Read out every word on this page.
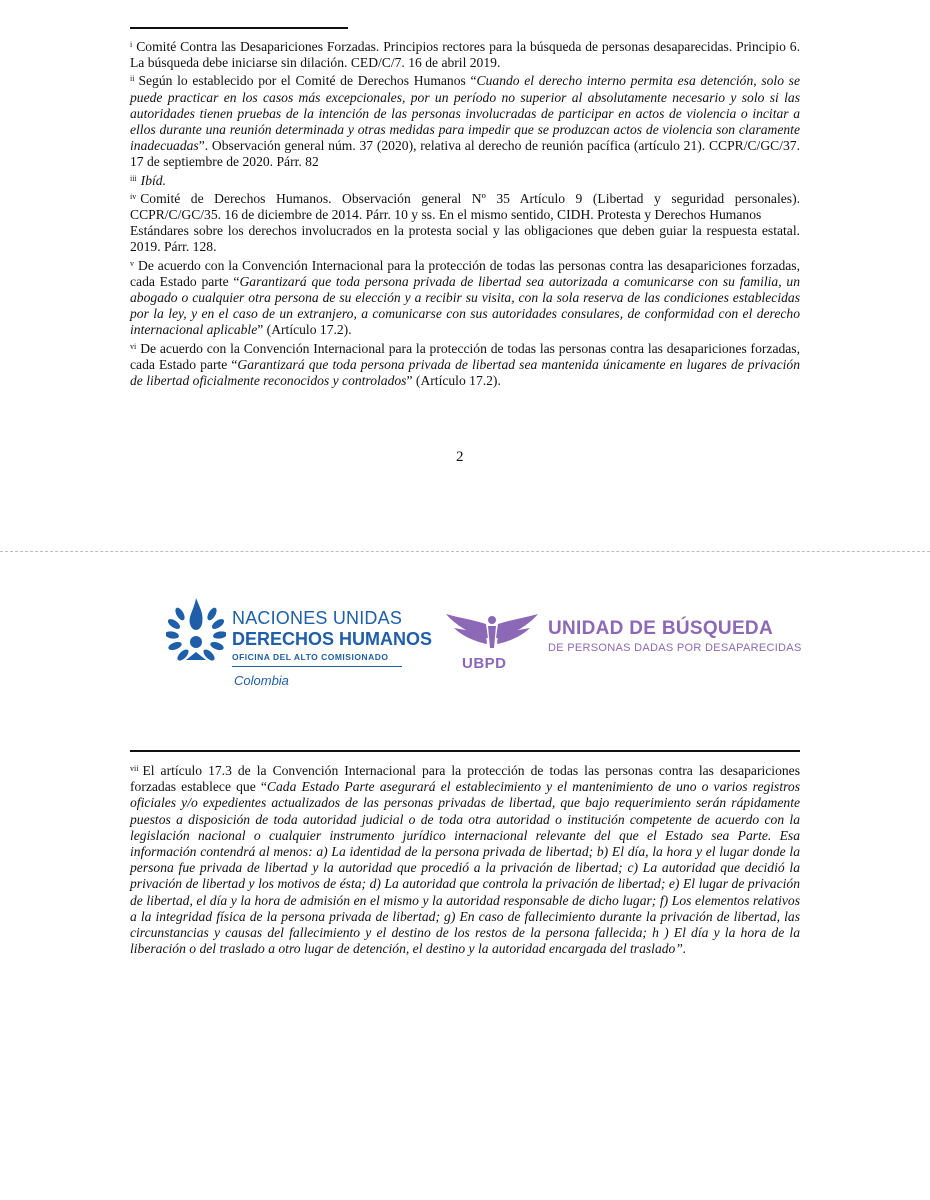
$^i$ Comité Contra las Desapariciones Forzadas. Principios rectores para la búsqueda de personas desaparecidas. Principio 6. La búsqueda debe iniciarse sin dilación. CED/C/7. 16 de abril 2019.

$^{ii}$ Según lo establecido por el Comité de Derechos Humanos “Cuando el derecho interno permita esa detención, solo se puede practicar en los casos más excepcionales, por un período no superior al absolutamente necesario y solo si las autoridades tienen pruebas de la intención de las personas involucradas de participar en actos de violencia o incitar a ellos durante una reunión determinada y otras medidas para impedir que se produzcan actos de violencia son claramente inadecuadas”. Observación general núm. 37 (2020), relativa al derecho de reunión pacífica (artículo 21). CCPR/C/GC/37. 17 de septiembre de 2020. Párr. 82

$^{iii}$ Ibíd.

$^{iv}$ Comité de Derechos Humanos. Observación general Nº 35 Artículo 9 (Libertad y seguridad personales). CCPR/C/GC/35. 16 de diciembre de 2014. Párr. 10 y ss. En el mismo sentido, CIDH. Protesta y Derechos Humanos

Estándares sobre los derechos involucrados en la protesta social y las obligaciones que deben guiar la respuesta estatal. 2019. Párr. 128.

$^v$ De acuerdo con la Convención Internacional para la protección de todas las personas contra las desapariciones forzadas, cada Estado parte “Garantizará que toda persona privada de libertad sea autorizada a comunicarse con su familia, un abogado o cualquier otra persona de su elección y a recibir su visita, con la sola reserva de las condiciones establecidas por la ley, y en el caso de un extranjero, a comunicarse con sus autoridades consulares, de conformidad con el derecho internacional aplicable” (Artículo 17.2).

$^{vi}$ De acuerdo con la Convención Internacional para la protección de todas las personas contra las desapariciones forzadas, cada Estado parte “Garantizará que toda persona privada de libertad sea mantenida únicamente en lugares de privación de libertad oficialmente reconocidos y controlados” (Artículo 17.2).

2
NACIONES UNIDAS
DERECHOS HUMANOS
OFICINA DEL ALTO COMISIONADO
Colombia
UBPD
UNIDAD DE BÚSQUEDA
DE PERSONAS DADAS POR DESAPARECIDAS

$^{vii}$ El artículo 17.3 de la Convención Internacional para la protección de todas las personas contra las desapariciones forzadas establece que “Cada Estado Parte asegurará el establecimiento y el mantenimiento de uno o varios registros oficiales y/o expedientes actualizados de las personas privadas de libertad, que bajo requerimiento serán rápidamente puestos a disposición de toda autoridad judicial o de toda otra autoridad o institución competente de acuerdo con la legislación nacional o cualquier instrumento jurídico internacional relevante del que el Estado sea Parte. Esa información contendrá al menos: a) La identidad de la persona privada de libertad; b) El día, la hora y el lugar donde la persona fue privada de libertad y la autoridad que procedió a la privación de libertad; c) La autoridad que decidió la privación de libertad y los motivos de ésta; d) La autoridad que controla la privación de libertad; e) El lugar de privación de libertad, el día y la hora de admisión en el mismo y la autoridad responsable de dicho lugar; f) Los elementos relativos a la integridad física de la persona privada de libertad; g) En caso de fallecimiento durante la privación de libertad, las circunstancias y causas del fallecimiento y el destino de los restos de la persona fallecida; h ) El día y la hora de la liberación o del traslado a otro lugar de detención, el destino y la autoridad encargada del traslado”.
